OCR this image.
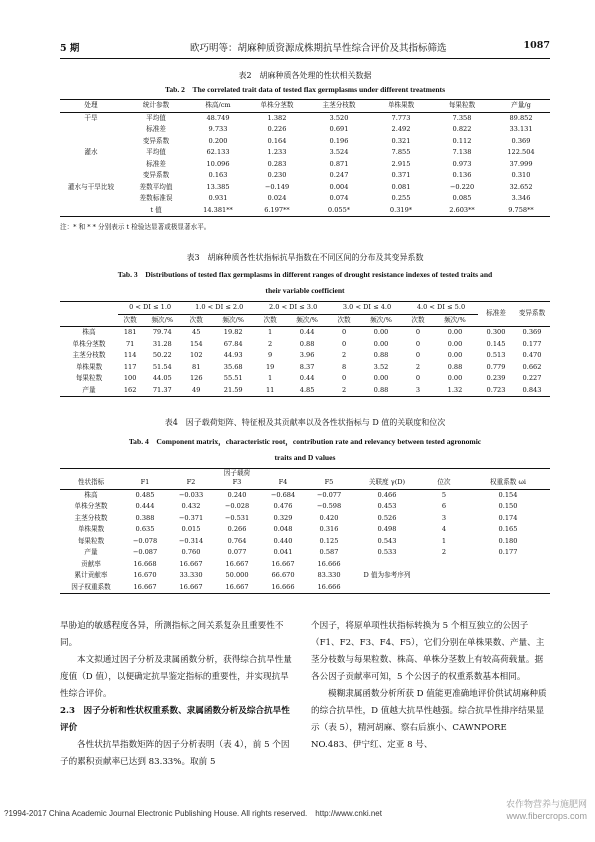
5 期	欧巧明等：胡麻种质资源成株期抗旱性综合评价及其指标筛选	1087
表2　胡麻种质各处理的性状相关数据
Tab. 2　The correlated trait data of tested flax germplasms under different treatments
处理	统计参数	株高/cm	单株分茎数	主茎分枝数	单株果数	每果粒数	产量/g
干旱	平均值	48.749	1.382	3.520	7.773	7.358	89.852
	标准差	9.733	0.226	0.691	2.492	0.822	33.131
	变异系数	0.200	0.164	0.196	0.321	0.112	0.369
灌水	平均值	62.133	1.233	3.524	7.855	7.138	122.504
	标准差	10.096	0.283	0.871	2.915	0.973	37.999
	变异系数	0.163	0.230	0.247	0.371	0.136	0.310
灌水与干旱比较	差数平均值	13.385	−0.149	0.004	0.081	−0.220	32.652
	差数标准误	0.931	0.024	0.074	0.255	0.085	3.346
	t 值	14.381**	6.197**	0.055*	0.319*	2.603**	9.758**
注：* 和 * * 分别表示 t 检验达显著或极显著水平。
表3　胡麻种质各性状指标抗旱指数在不同区间的分布及其变异系数
Tab. 3　Distributions of tested flax germplasms in different ranges of drought resistance indexes of tested traits and
their variable coefficient
	0 < DI ≤ 1.0		1.0 < DI ≤ 2.0		2.0 < DI ≤ 3.0		3.0 < DI ≤ 4.0		4.0 < DI ≤ 5.0		标准差	变异系数
	次数	频次/%	次数	频次/%	次数	频次/%	次数	频次/%	次数	频次/%		
株高	181	79.74	45	19.82	1	0.44	0	0.00	0	0.00	0.300	0.369
单株分茎数	71	31.28	154	67.84	2	0.88	0	0.00	0	0.00	0.145	0.177
主茎分枝数	114	50.22	102	44.93	9	3.96	2	0.88	0	0.00	0.513	0.470
单株果数	117	51.54	81	35.68	19	8.37	8	3.52	2	0.88	0.779	0.662
每果粒数	100	44.05	126	55.51	1	0.44	0	0.00	0	0.00	0.239	0.227
产量	162	71.37	49	21.59	11	4.85	2	0.88	3	1.32	0.723	0.843
表4　因子载荷矩阵、特征根及其贡献率以及各性状指标与 D 值的关联度和位次
Tab. 4　Component matrix，characteristic root，contribution rate and relevancy between tested agronomic
traits and D values
	因子载荷							
性状指标	F1	F2	F3	F4	F5	关联度 γ(D)	位次	权重系数 ωi
株高	0.485	−0.033	0.240	−0.684	−0.077	0.466	5	0.154
单株分茎数	0.444	0.432	−0.028	0.476	−0.598	0.453	6	0.150
主茎分枝数	0.388	−0.371	−0.531	0.329	0.420	0.526	3	0.174
单株果数	0.635	0.015	0.266	0.048	0.316	0.498	4	0.165
每果粒数	−0.078	−0.314	0.764	0.440	0.125	0.543	1	0.180
产量	−0.087	0.760	0.077	0.041	0.587	0.533	2	0.177
贡献率	16.668	16.667	16.667	16.667	16.666			
累计贡献率	16.670	33.330	50.000	66.670	83.330	D 值为参考序列		
因子权重系数	16.667	16.667	16.667	16.666	16.666			

旱胁迫的敏感程度各异，所测指标之间关系复杂且重要性不同。

本文拟通过因子分析及隶属函数分析，获得综合抗旱性量度值（D 值），以便确定抗旱鉴定指标的重要性，并实现抗旱性综合评价。

2.3　因子分析和性状权重系数、隶属函数分析及综合抗旱性评价

各性状抗旱指数矩阵的因子分析表明（表 4），前 5 个因子的累积贡献率已达到 83.33%。取前 5

个因子，将原单项性状指标转换为 5 个相互独立的公因子（F1、F2、F3、F4、F5），它们分别在单株果数、产量、主茎分枝数与每果粒数、株高、单株分茎数上有较高荷载量。据各公因子贡献率可知，5 个公因子的权重系数基本相同。

模糊隶属函数分析所获 D 值能更准确地评价供试胡麻种质的综合抗旱性，D 值越大抗旱性越强。综合抗旱性排序结果显示（表 5），精河胡麻、察右后旗小、CAWNPORE NO.483、伊宁红、定亚 8 号、

?1994-2017 China Academic Journal Electronic Publishing House. All rights reserved.　http://www.cnki.net
农作物营养与施肥网
www.fibercrops.com
